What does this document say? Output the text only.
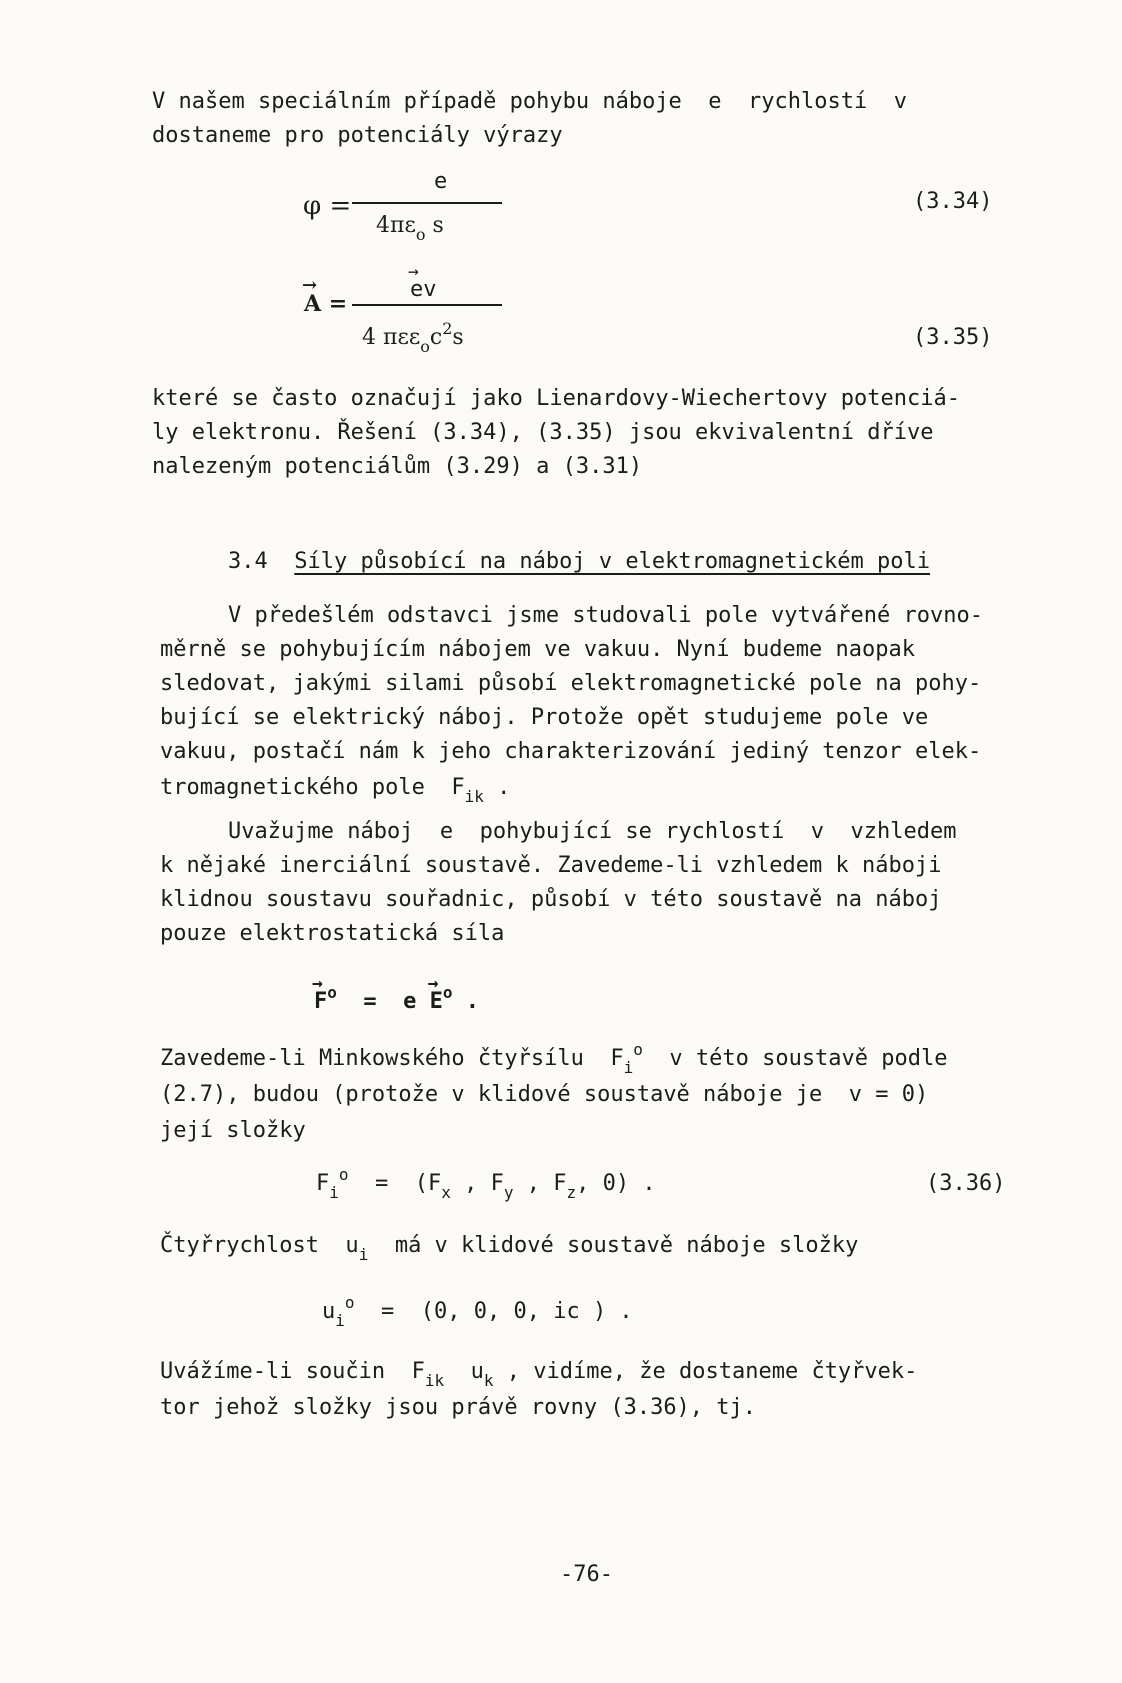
V našem speciálním případě pohybu náboje  e  rychlostí  v
dostaneme pro potenciály výrazy
φ =
e
$4\pi\varepsilon_o$ s
(3.34)
→ A =
→ ev
4 $\pi\varepsilon\varepsilon_oc^2s$	(3.35)
které se často označují jako Lienardovy-Wiechertovy potenciá-
ly elektronu. Řešení (3.34), (3.35) jsou ekvivalentní dříve
nalezeným potenciálům (3.29) a (3.31)
3.4 Síly působící na náboj v elektromagnetickém poli
V předešlém odstavci jsme studovali pole vytvářené rovno-
měrně se pohybujícím nábojem ve vakuu. Nyní budeme naopak
sledovat, jakými silami působí elektromagnetické pole na pohy-
bující se elektrický náboj. Protože opět studujeme pole ve
vakuu, postačí nám k jeho charakterizování jediný tenzor elek-
tromagnetického pole  $F_{ik}$ .
Uvažujme náboj  e  pohybující se rychlostí  v  vzhledem
k nějaké inerciální soustavě. Zavedeme-li vzhledem k náboji
klidnou soustavu souřadnic, působí v této soustavě na náboj
pouze elektrostatická síla
→ $F^o = e \to E^o$ .
Zavedeme-li Minkowského čtyřsílu  $F_i^o$  v této soustavě podle
(2.7), budou (protože v klidové soustavě náboje je  v = 0)
její složky
$F_i^o = (F_x$ , $F_y$ , $F_z$, 0) .	(3.36)
Čtyřrychlost  $u_i$  má v klidové soustavě náboje složky
$u_i^o = (0$, 0, 0, ic ) .
Uvážíme-li součin  $F_{ik}$  $u_k$ , vidíme, že dostaneme čtyřvek-
tor jehož složky jsou právě rovny (3.36), tj.
-76-
